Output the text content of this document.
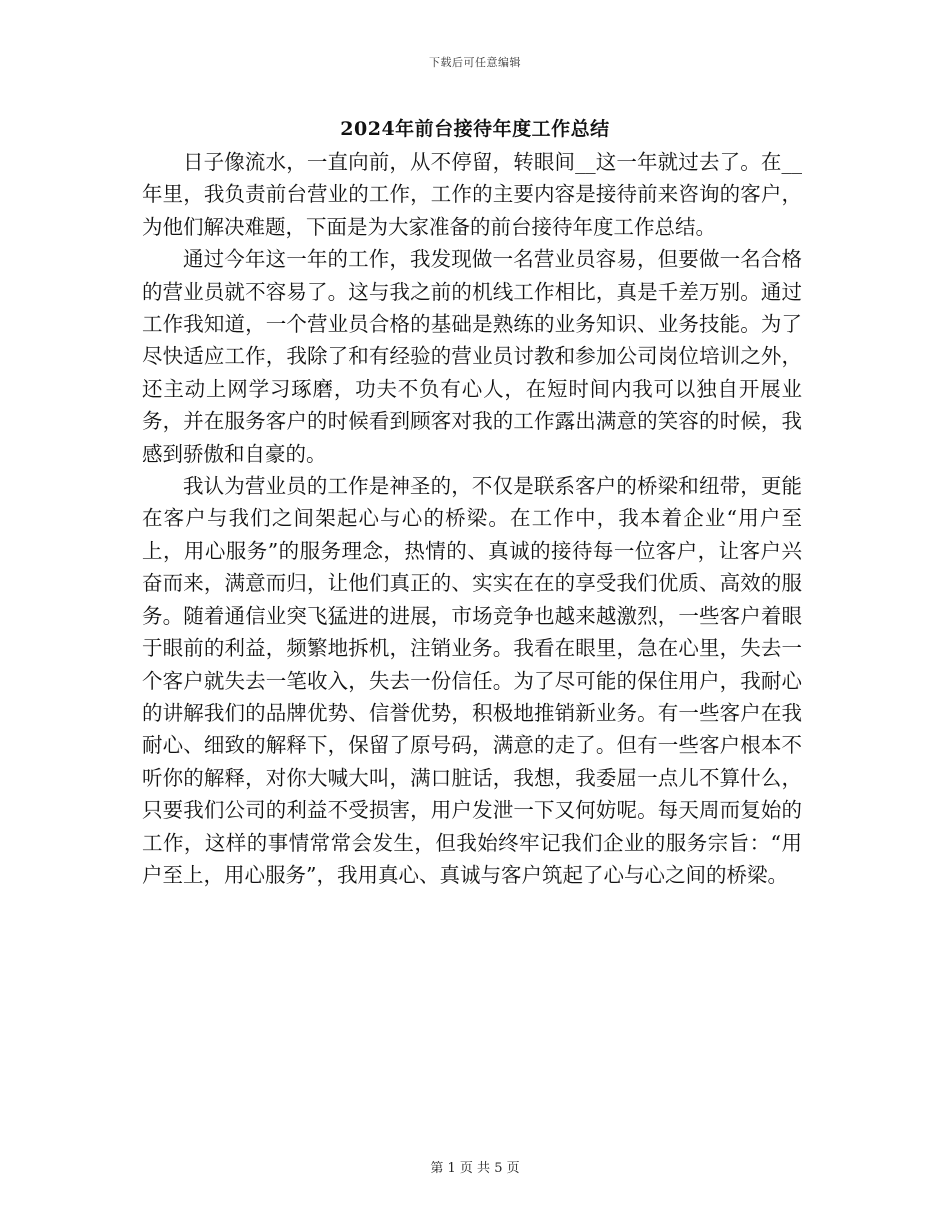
下载后可任意编辑
2024年前台接待年度工作总结

日子像流水，一直向前，从不停留，转眼间__这一年就过去了。在__年里，我负责前台营业的工作，工作的主要内容是接待前来咨询的客户，为他们解决难题，下面是为大家准备的前台接待年度工作总结。

通过今年这一年的工作，我发现做一名营业员容易，但要做一名合格的营业员就不容易了。这与我之前的机线工作相比，真是千差万别。通过工作我知道，一个营业员合格的基础是熟练的业务知识、业务技能。为了尽快适应工作，我除了和有经验的营业员讨教和参加公司岗位培训之外，还主动上网学习琢磨，功夫不负有心人，在短时间内我可以独自开展业务，并在服务客户的时候看到顾客对我的工作露出满意的笑容的时候，我感到骄傲和自豪的。

我认为营业员的工作是神圣的，不仅是联系客户的桥梁和纽带，更能在客户与我们之间架起心与心的桥梁。在工作中，我本着企业“用户至上，用心服务”的服务理念，热情的、真诚的接待每一位客户，让客户兴奋而来，满意而归，让他们真正的、实实在在的享受我们优质、高效的服务。随着通信业突飞猛进的进展，市场竞争也越来越激烈，一些客户着眼于眼前的利益，频繁地拆机，注销业务。我看在眼里，急在心里，失去一个客户就失去一笔收入，失去一份信任。为了尽可能的保住用户，我耐心的讲解我们的品牌优势、信誉优势，积极地推销新业务。有一些客户在我耐心、细致的解释下，保留了原号码，满意的走了。但有一些客户根本不听你的解释，对你大喊大叫，满口脏话，我想，我委屈一点儿不算什么，只要我们公司的利益不受损害，用户发泄一下又何妨呢。每天周而复始的工作，这样的事情常常会发生，但我始终牢记我们企业的服务宗旨：“用户至上，用心服务”，我用真心、真诚与客户筑起了心与心之间的桥梁。

第 1 页 共 5 页
